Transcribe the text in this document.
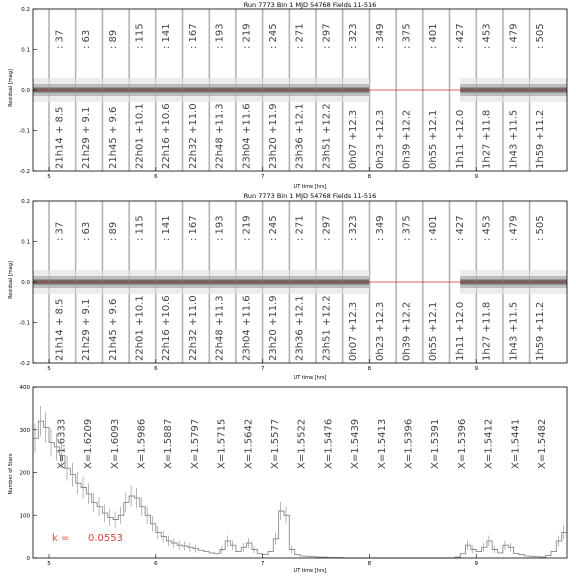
Run 7773 Bin 1 MJD 54768 Fields 11-516
: 37 : 63 : 89 : 115 : 141 : 167 : 193 : 219 : 245 : 271 : 297 : 323 : 349 : 375 : 401 : 427 : 453 : 479 : 505
21h14 + 8.5 21h29 + 9.1 21h45 + 9.6 22h01 +10.1 22h16 +10.6 22h32 +11.0 22h48 +11.3 23h04 +11.6 23h20 +11.9 23h36 +12.1 23h51 +12.2 0h07 +12.3 0h23 +12.3 0h39 +12.2 0h55 +12.1 1h11 +12.0 1h27 +11.8 1h43 +11.5 1h59 +11.2
5	6	7	8	9
-0.2
-0.1
0.0
0.1
0.2
UT time [hrs]
Residual [mag]
Run 7773 Bin 1 MJD 54768 Fields 11-516
: 37 : 63 : 89 : 115 : 141 : 167 : 193 : 219 : 245 : 271 : 297 : 323 : 349 : 375 : 401 : 427 : 453 : 479 : 505
21h14 + 8.5 21h29 + 9.1 21h45 + 9.6 22h01 +10.1 22h16 +10.6 22h32 +11.0 22h48 +11.3 23h04 +11.6 23h20 +11.9 23h36 +12.1 23h51 +12.2 0h07 +12.3 0h23 +12.3 0h39 +12.2 0h55 +12.1 1h11 +12.0 1h27 +11.8 1h43 +11.5 1h59 +11.2
5	6	7	8	9
-0.2
-0.1
0.0
0.1
0.2
UT time [hrs]
Residual [mag]
X=1.6333 X=1.6209 X=1.6093 X=1.5986 X=1.5887 X=1.5797 X=1.5715 X=1.5642 X=1.5577 X=1.5522 X=1.5476 X=1.5439 X=1.5413 X=1.5396 X=1.5391 X=1.5396 X=1.5412 X=1.5441 X=1.5482
5	6	7	8	9
0
100
200
300
400
k = 0.0553
UT time [hrs]
Number of Stars
